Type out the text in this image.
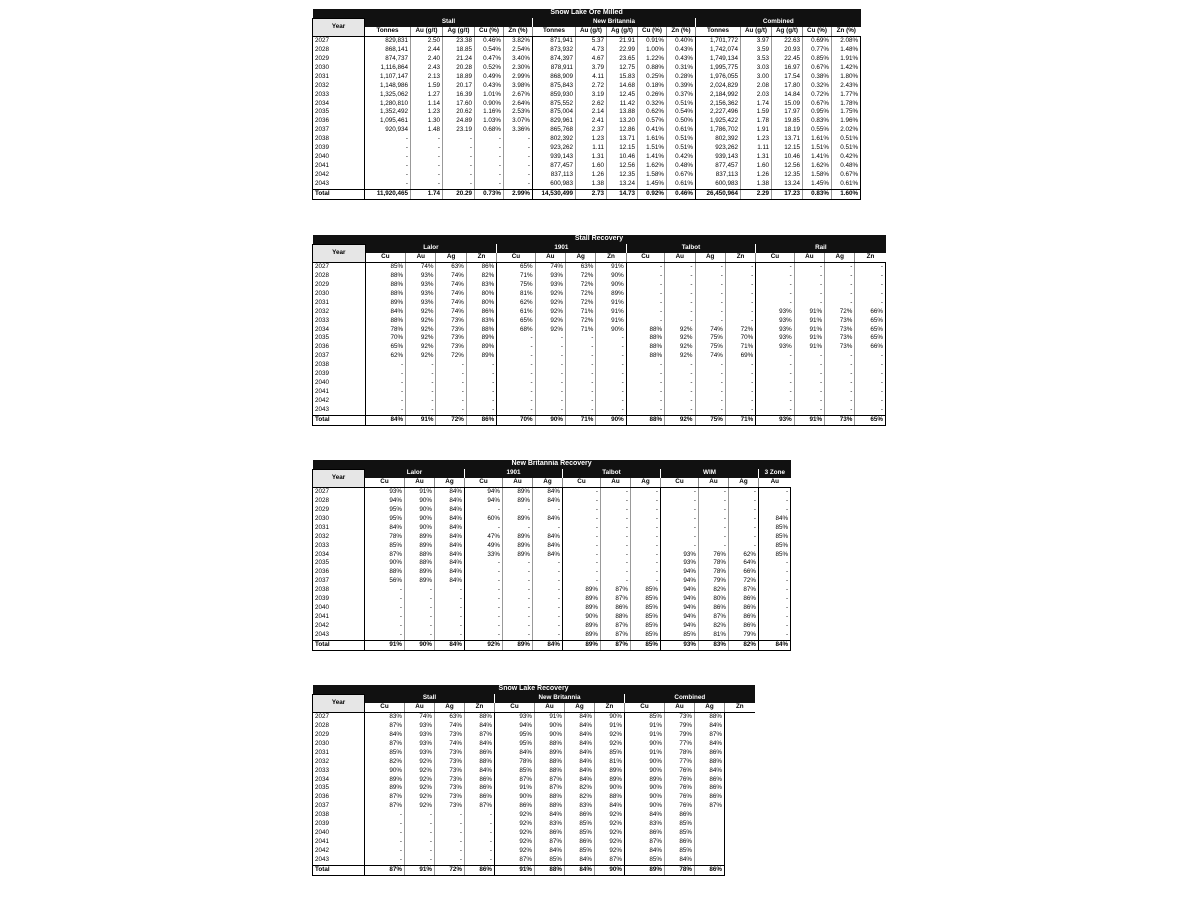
Snow Lake Ore Milled															
Year	Stall					New Britannia					Combined				
	Tonnes	Au (g/t)	Ag (g/t)	Cu (%)	Zn (%)	Tonnes	Au (g/t)	Ag (g/t)	Cu (%)	Zn (%)	Tonnes	Au (g/t)	Ag (g/t)	Cu (%)	Zn (%)
2027	829,831	2.50	23.38	0.46%	3.82%	871,941	5.37	21.91	0.91%	0.40%	1,701,772	3.97	22.63	0.69%	2.08%
2028	868,141	2.44	18.85	0.54%	2.54%	873,932	4.73	22.99	1.00%	0.43%	1,742,074	3.59	20.93	0.77%	1.48%
2029	874,737	2.40	21.24	0.47%	3.40%	874,397	4.67	23.65	1.22%	0.43%	1,749,134	3.53	22.45	0.85%	1.91%
2030	1,116,864	2.43	20.28	0.52%	2.30%	878,911	3.79	12.75	0.88%	0.31%	1,995,775	3.03	16.97	0.67%	1.42%
2031	1,107,147	2.13	18.89	0.49%	2.99%	868,909	4.11	15.83	0.25%	0.28%	1,976,055	3.00	17.54	0.38%	1.80%
2032	1,148,986	1.59	20.17	0.43%	3.98%	875,843	2.72	14.68	0.18%	0.39%	2,024,829	2.08	17.80	0.32%	2.43%
2033	1,325,062	1.27	16.39	1.01%	2.67%	859,930	3.19	12.45	0.26%	0.37%	2,184,992	2.03	14.84	0.72%	1.77%
2034	1,280,810	1.14	17.60	0.90%	2.64%	875,552	2.62	11.42	0.32%	0.51%	2,156,362	1.74	15.09	0.67%	1.78%
2035	1,352,492	1.23	20.62	1.16%	2.53%	875,004	2.14	13.88	0.62%	0.54%	2,227,496	1.59	17.97	0.95%	1.75%
2036	1,095,461	1.30	24.89	1.03%	3.07%	829,961	2.41	13.20	0.57%	0.50%	1,925,422	1.78	19.85	0.83%	1.96%
2037	920,934	1.48	23.19	0.68%	3.36%	865,768	2.37	12.86	0.41%	0.61%	1,786,702	1.91	18.19	0.55%	2.02%
2038	-	-	-	-	-	802,392	1.23	13.71	1.61%	0.51%	802,392	1.23	13.71	1.61%	0.51%
2039	-	-	-	-	-	923,262	1.11	12.15	1.51%	0.51%	923,262	1.11	12.15	1.51%	0.51%
2040	-	-	-	-	-	939,143	1.31	10.46	1.41%	0.42%	939,143	1.31	10.46	1.41%	0.42%
2041	-	-	-	-	-	877,457	1.60	12.56	1.62%	0.48%	877,457	1.60	12.56	1.62%	0.48%
2042	-	-	-	-	-	837,113	1.26	12.35	1.58%	0.67%	837,113	1.26	12.35	1.58%	0.67%
2043	-	-	-	-	-	600,983	1.38	13.24	1.45%	0.61%	600,983	1.38	13.24	1.45%	0.61%
Total	11,920,465	1.74	20.29	0.73%	2.99%	14,530,499	2.73	14.73	0.92%	0.46%	26,450,964	2.29	17.23	0.83%	1.60%
Stall Recovery																
Year	Lalor				1901				Talbot				Rail			
	Cu	Au	Ag	Zn	Cu	Au	Ag	Zn	Cu	Au	Ag	Zn	Cu	Au	Ag	Zn
2027	85%	74%	63%	86%	65%	74%	63%	91%	-	-	-	-	-	-	-	-
2028	88%	93%	74%	82%	71%	93%	72%	90%	-	-	-	-	-	-	-	-
2029	88%	93%	74%	83%	75%	93%	72%	90%	-	-	-	-	-	-	-	-
2030	88%	93%	74%	80%	81%	92%	72%	89%	-	-	-	-	-	-	-	-
2031	89%	93%	74%	80%	62%	92%	72%	91%	-	-	-	-	-	-	-	-
2032	84%	92%	74%	86%	61%	92%	71%	91%	-	-	-	-	93%	91%	72%	66%
2033	88%	92%	73%	83%	65%	92%	72%	91%	-	-	-	-	93%	91%	73%	65%
2034	78%	92%	73%	88%	68%	92%	71%	90%	88%	92%	74%	72%	93%	91%	73%	65%
2035	70%	92%	73%	89%	-	-	-	-	88%	92%	75%	70%	93%	91%	73%	65%
2036	65%	92%	73%	89%	-	-	-	-	88%	92%	75%	71%	93%	91%	73%	66%
2037	62%	92%	72%	89%	-	-	-	-	88%	92%	74%	69%	-	-	-	-
2038	-	-	-	-	-	-	-	-	-	-	-	-	-	-	-	-
2039	-	-	-	-	-	-	-	-	-	-	-	-	-	-	-	-
2040	-	-	-	-	-	-	-	-	-	-	-	-	-	-	-	-
2041	-	-	-	-	-	-	-	-	-	-	-	-	-	-	-	-
2042	-	-	-	-	-	-	-	-	-	-	-	-	-	-	-	-
2043	-	-	-	-	-	-	-	-	-	-	-	-	-	-	-	-
Total	84%	91%	72%	86%	70%	90%	71%	90%	88%	92%	75%	71%	93%	91%	73%	65%
New Britannia Recovery													
Year	Lalor			1901			Talbot			WIM			3 Zone
	Cu	Au	Ag	Cu	Au	Ag	Cu	Au	Ag	Cu	Au	Ag	Au
2027	93%	91%	84%	94%	89%	84%	-	-	-	-	-	-	-
2028	94%	90%	84%	94%	89%	84%	-	-	-	-	-	-	-
2029	95%	90%	84%	-	-	-	-	-	-	-	-	-	-
2030	95%	90%	84%	60%	89%	84%	-	-	-	-	-	-	84%
2031	84%	90%	84%	-	-	-	-	-	-	-	-	-	85%
2032	78%	89%	84%	47%	89%	84%	-	-	-	-	-	-	85%
2033	85%	89%	84%	49%	89%	84%	-	-	-	-	-	-	85%
2034	87%	88%	84%	33%	89%	84%	-	-	-	93%	76%	62%	85%
2035	90%	88%	84%	-	-	-	-	-	-	93%	78%	64%	-
2036	88%	89%	84%	-	-	-	-	-	-	94%	78%	66%	-
2037	56%	89%	84%	-	-	-	-	-	-	94%	79%	72%	-
2038	-	-	-	-	-	-	89%	87%	85%	94%	82%	87%	-
2039	-	-	-	-	-	-	89%	87%	85%	94%	80%	86%	-
2040	-	-	-	-	-	-	89%	86%	85%	94%	86%	86%	-
2041	-	-	-	-	-	-	90%	88%	85%	94%	87%	86%	-
2042	-	-	-	-	-	-	89%	87%	85%	94%	82%	86%	-
2043	-	-	-	-	-	-	89%	87%	85%	85%	81%	79%	-
Total	91%	90%	84%	92%	89%	84%	89%	87%	85%	93%	83%	82%	84%
Snow Lake Recovery												
Year	Stall				New Britannia				Combined			
	Cu	Au	Ag	Zn	Cu	Au	Ag	Zn	Cu	Au	Ag	Zn
2027	83%	74%	63%	88%	93%	91%	84%	90%	85%	73%	88%	
2028	87%	93%	74%	84%	94%	90%	84%	91%	91%	79%	84%	
2029	84%	93%	73%	87%	95%	90%	84%	92%	91%	79%	87%	
2030	87%	93%	74%	84%	95%	88%	84%	92%	90%	77%	84%	
2031	85%	93%	73%	86%	84%	89%	84%	85%	91%	78%	86%	
2032	82%	92%	73%	88%	78%	88%	84%	81%	90%	77%	88%	
2033	90%	92%	73%	84%	85%	88%	84%	89%	90%	76%	84%	
2034	89%	92%	73%	86%	87%	87%	84%	89%	89%	76%	86%	
2035	89%	92%	73%	86%	91%	87%	82%	90%	90%	76%	86%	
2036	87%	92%	73%	86%	90%	88%	82%	88%	90%	76%	86%	
2037	87%	92%	73%	87%	86%	88%	83%	84%	90%	76%	87%	
2038	-	-	-	-	92%	84%	86%	92%	84%	86%		
2039	-	-	-	-	92%	83%	85%	92%	83%	85%		
2040	-	-	-	-	92%	86%	85%	92%	86%	85%		
2041	-	-	-	-	92%	87%	86%	92%	87%	86%		
2042	-	-	-	-	92%	84%	85%	92%	84%	85%		
2043	-	-	-	-	87%	85%	84%	87%	85%	84%		
Total	87%	91%	72%	86%	91%	88%	84%	90%	89%	78%	86%	
